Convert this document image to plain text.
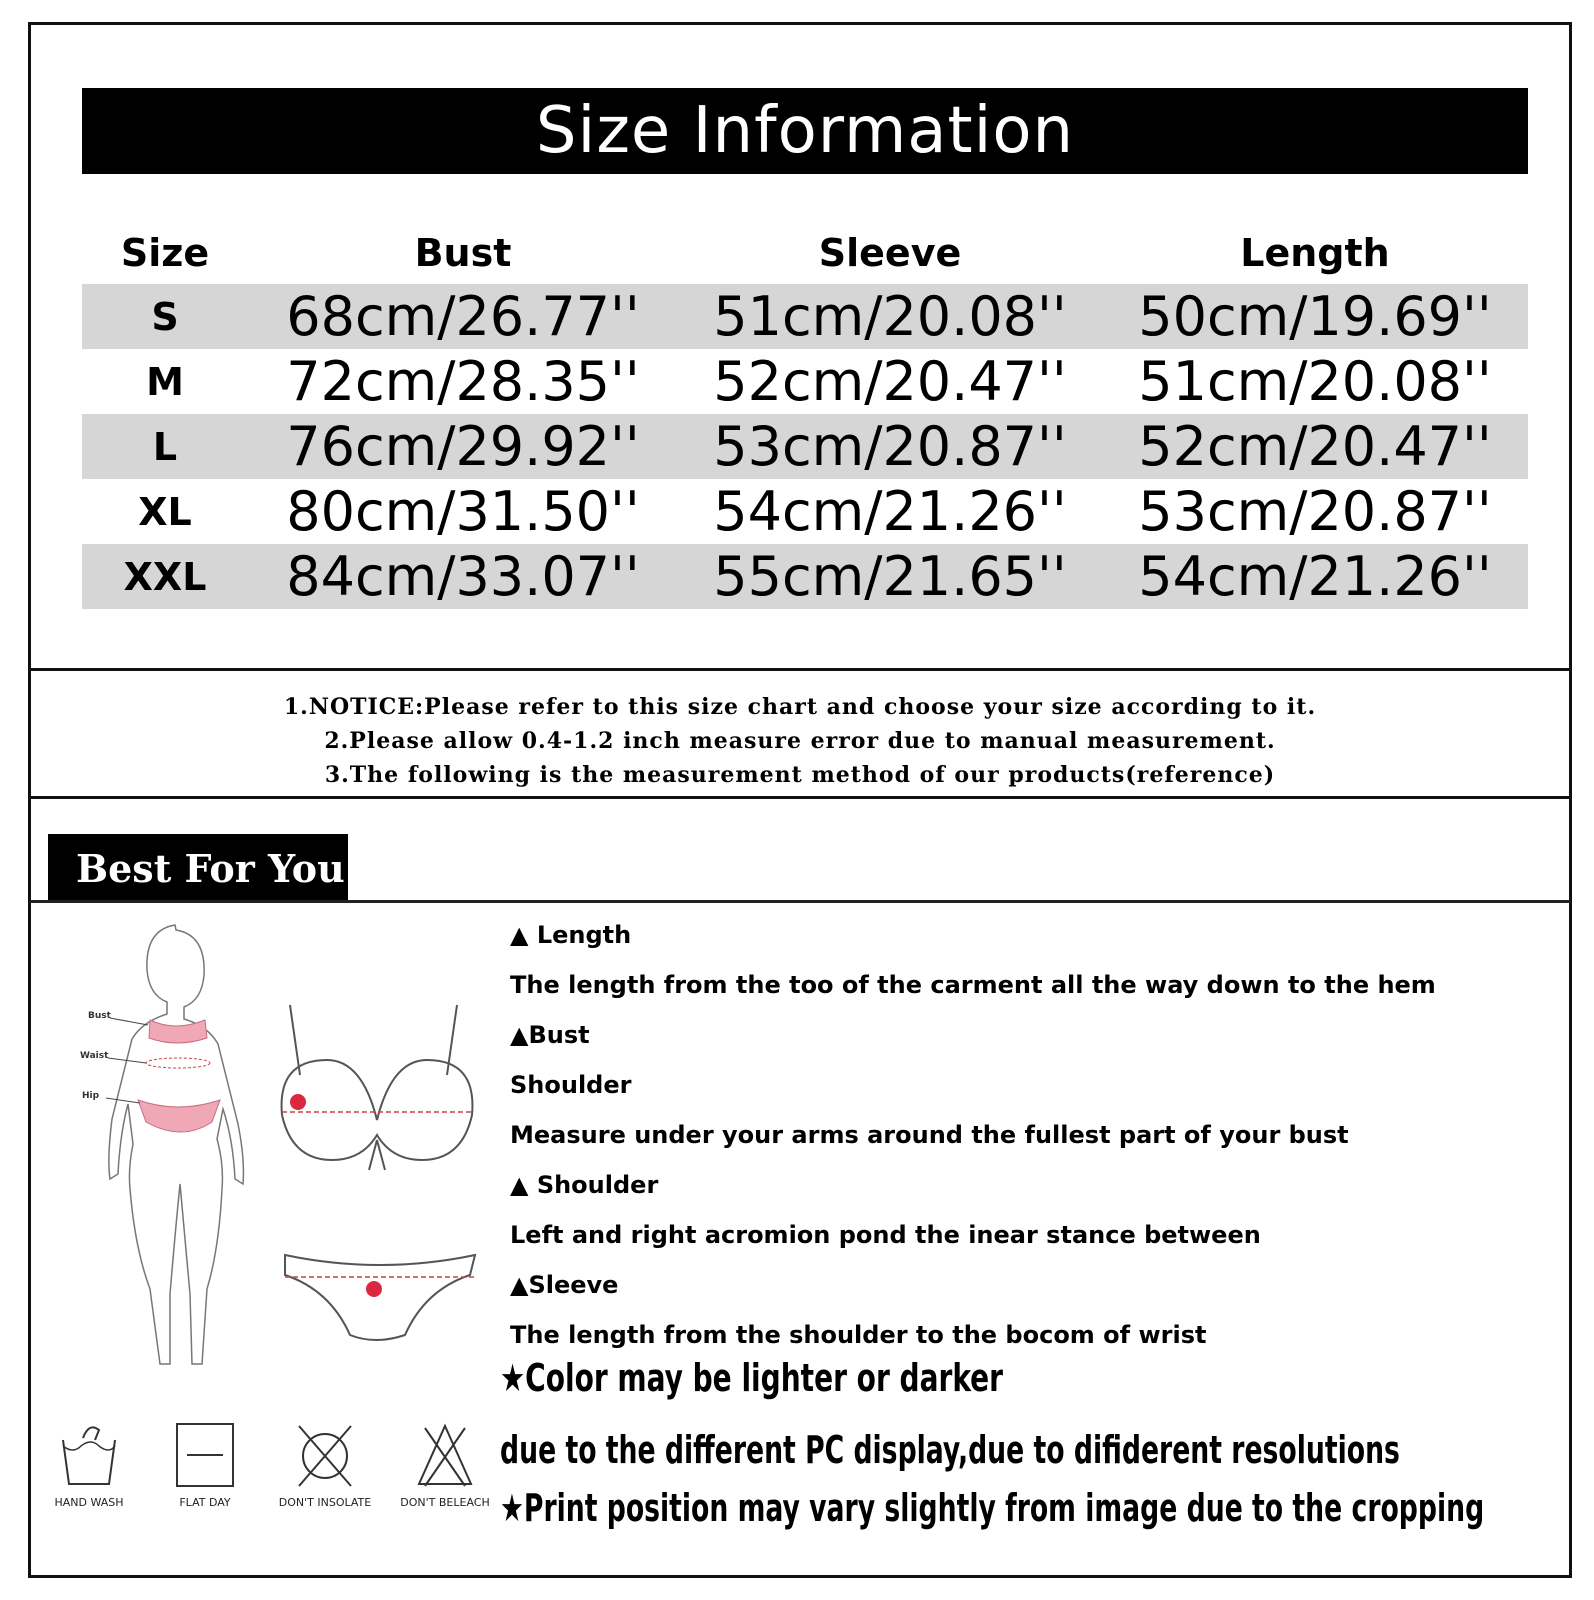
Size Information
Size	Bust	Sleeve	Length
S	68cm/26.77''	51cm/20.08''	50cm/19.69''
M	72cm/28.35''	52cm/20.47''	51cm/20.08''
L	76cm/29.92''	53cm/20.87''	52cm/20.47''
XL	80cm/31.50''	54cm/21.26''	53cm/20.87''
XXL	84cm/33.07''	55cm/21.65''	54cm/21.26''
1.NOTICE:Please refer to this size chart and choose your size according to it.
2.Please allow 0.4-1.2 inch measure error due to manual measurement.
3.The following is the measurement method of our products(reference)
Best For You
Bust
Waist
Hip
HAND WASH	FLAT DAY	DON'T INSOLATE	DON'T BELEACH

▲ Length

The length from the too of the carment all the way down to the hem

▲Bust

Shoulder

Measure under your arms around the fullest part of your bust

▲ Shoulder

Left and right acromion pond the inear stance between

▲Sleeve

The length from the shoulder to the bocom of wrist

★Color may be lighter or darker
due to the different PC display,due to difiderent resolutions
★Print position may vary slightly from image due to the cropping
